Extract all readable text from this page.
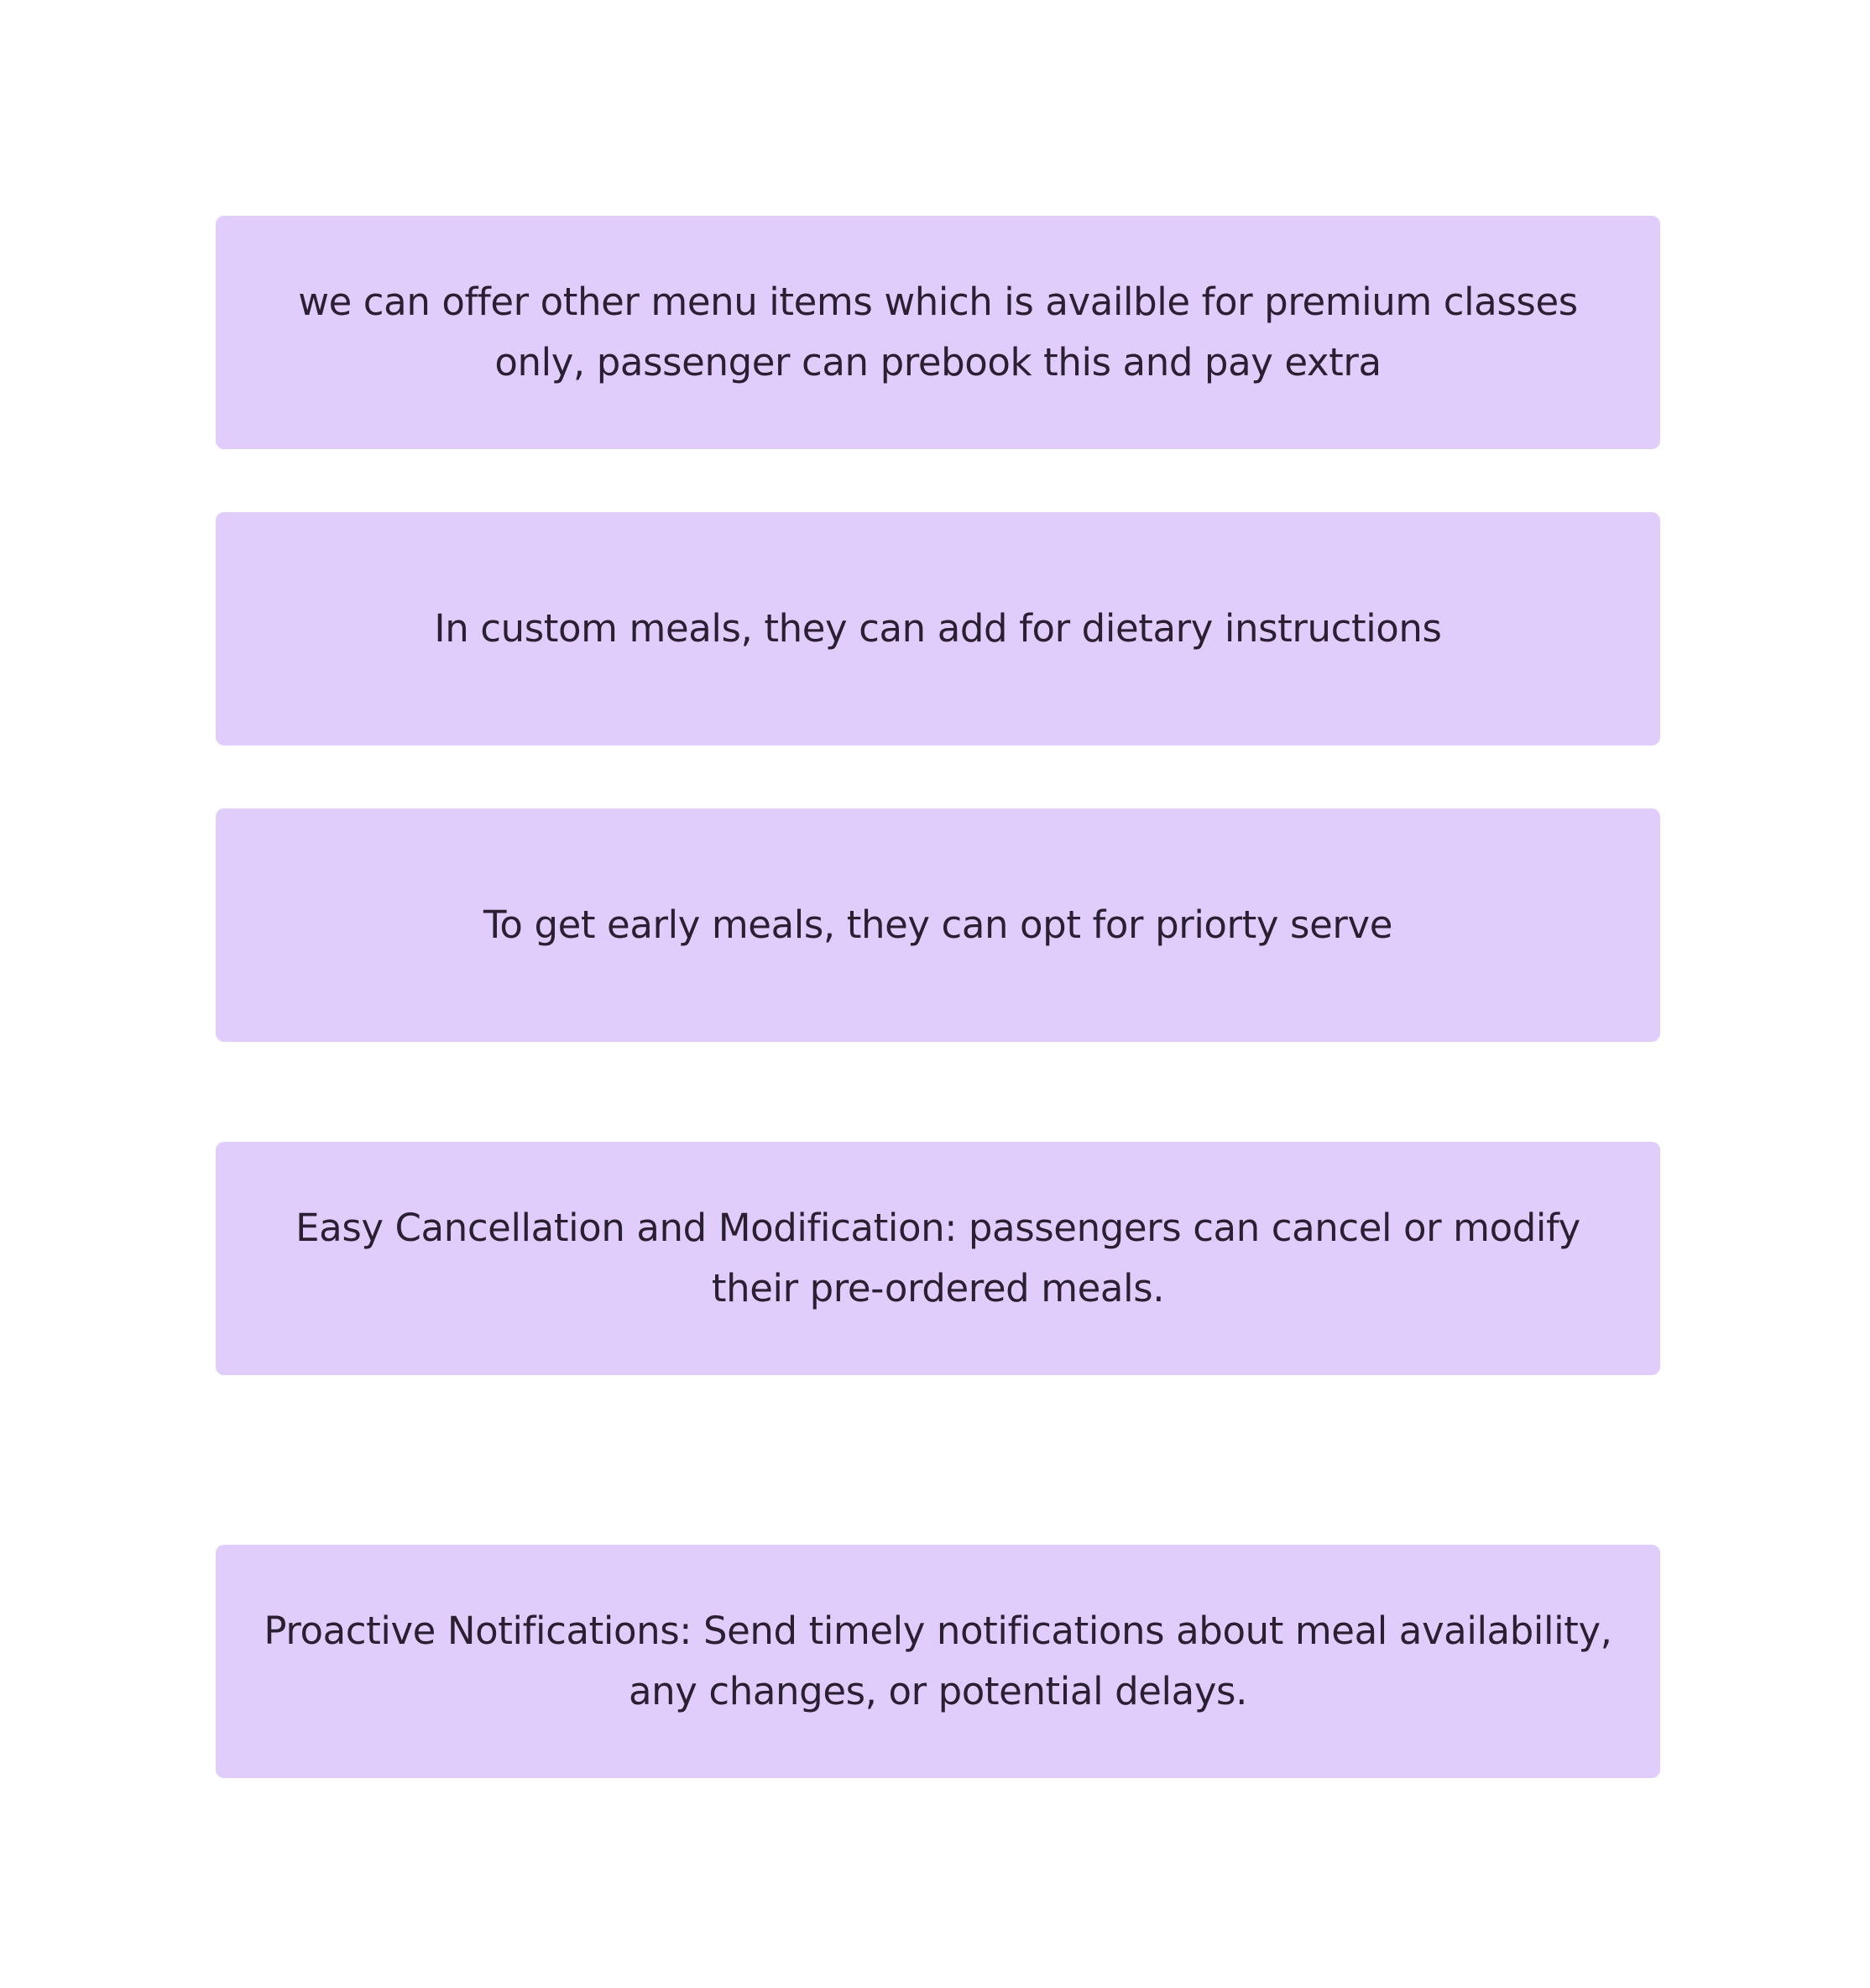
we can offer other menu items which is availble for premium classes only, passenger can prebook this and pay extra
In custom meals, they can add for dietary instructions
To get early meals, they can opt for priorty serve
Easy Cancellation and Modification: passengers can cancel or modify their pre-ordered meals.
Proactive Notifications: Send timely notifications about meal availability, any changes, or potential delays.
